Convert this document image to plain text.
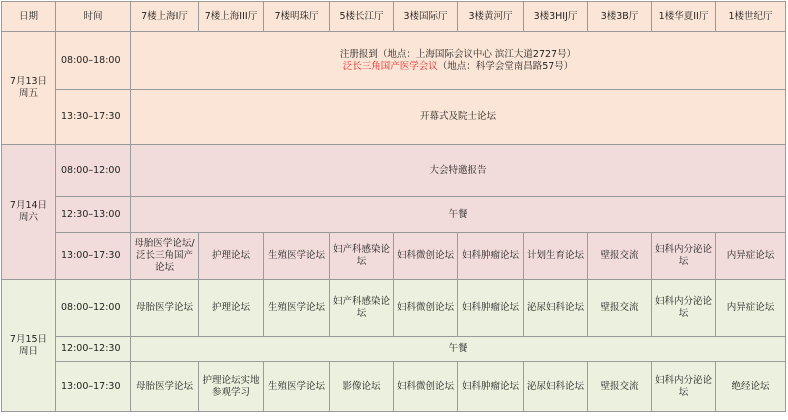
日期	时间	7楼上海Ⅰ厅	7楼上海III厅	7楼明珠厅	5楼长江厅	3楼国际厅	3楼黄河厅	3楼3HIJ厅	3楼3B厅	1楼华夏II厅	1楼世纪厅

7月13日
周五	08:00–18:00	注册报到（地点：上海国际会议中心 滨江大道2727号）
泛长三角国产医学会议（地点：科学会堂南昌路57号）									

	13:30–17:30	开幕式及院士论坛									

7月14日
周六	08:00–12:00	大会特邀报告									
	12:30–13:00	午餐									
	13:00–17:30	母胎医学论坛/泛长三角国产论坛	护理论坛	生殖医学论坛	妇产科感染论坛	妇科微创论坛	妇科肿瘤论坛	计划生育论坛	壁报交流	妇科内分泌论坛	内异症论坛

7月15日
周日	08:00–12:00	母胎医学论坛	护理论坛	生殖医学论坛	妇产科感染论坛	妇科微创论坛	妇科肿瘤论坛	泌尿妇科论坛	壁报交流	妇科内分泌论坛	内异症论坛
	12:00–12:30	午餐									
	13:00–17:30	母胎医学论坛	护理论坛实地参观学习	生殖医学论坛	影像论坛	妇科微创论坛	妇科肿瘤论坛	泌尿妇科论坛	壁报交流	妇科内分泌论坛	绝经论坛
